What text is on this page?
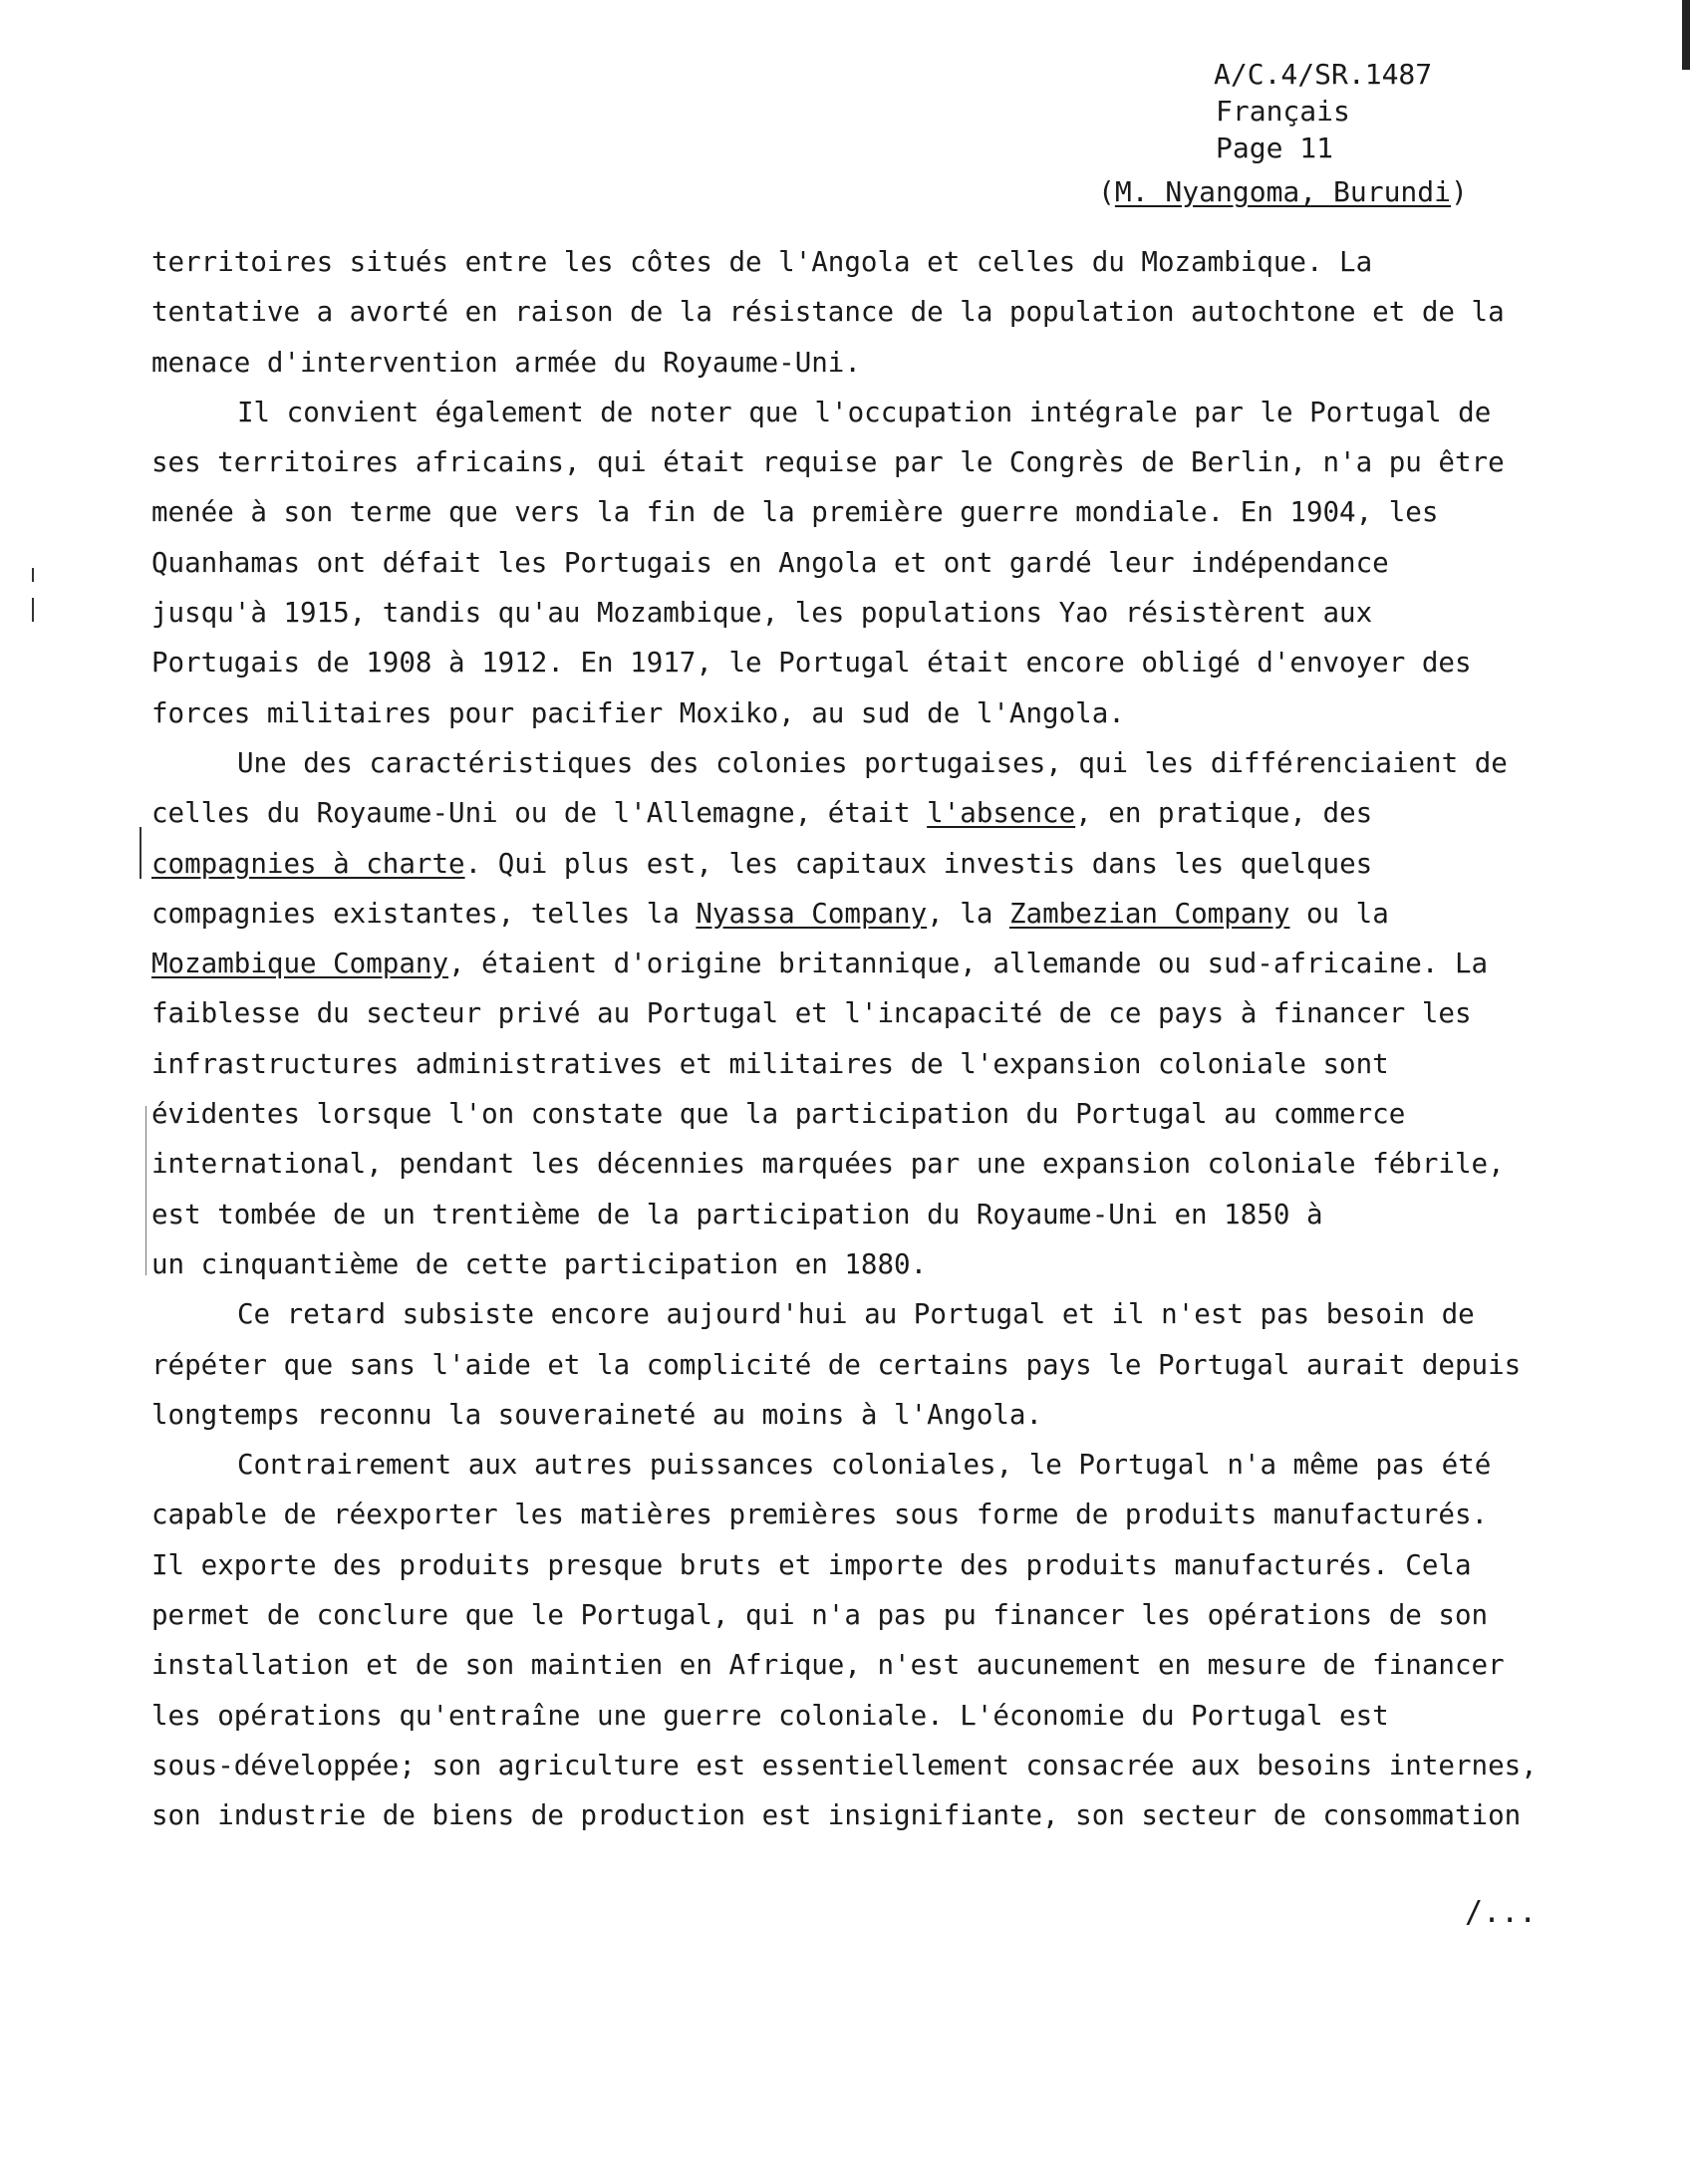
A/C.4/SR.1487
Français
Page 11
(M. Nyangoma, Burundi)
territoires situés entre les côtes de l'Angola et celles du Mozambique. La
tentative a avorté en raison de la résistance de la population autochtone et de la
menace d'intervention armée du Royaume-Uni.
Il convient également de noter que l'occupation intégrale par le Portugal de
ses territoires africains, qui était requise par le Congrès de Berlin, n'a pu être
menée à son terme que vers la fin de la première guerre mondiale. En 1904, les
Quanhamas ont défait les Portugais en Angola et ont gardé leur indépendance
jusqu'à 1915, tandis qu'au Mozambique, les populations Yao résistèrent aux
Portugais de 1908 à 1912. En 1917, le Portugal était encore obligé d'envoyer des
forces militaires pour pacifier Moxiko, au sud de l'Angola.
Une des caractéristiques des colonies portugaises, qui les différenciaient de
celles du Royaume-Uni ou de l'Allemagne, était l'absence, en pratique, des
compagnies à charte. Qui plus est, les capitaux investis dans les quelques
compagnies existantes, telles la Nyassa Company, la Zambezian Company ou la
Mozambique Company, étaient d'origine britannique, allemande ou sud-africaine. La
faiblesse du secteur privé au Portugal et l'incapacité de ce pays à financer les
infrastructures administratives et militaires de l'expansion coloniale sont
évidentes lorsque l'on constate que la participation du Portugal au commerce
international, pendant les décennies marquées par une expansion coloniale fébrile,
est tombée de un trentième de la participation du Royaume-Uni en 1850 à
un cinquantième de cette participation en 1880.
Ce retard subsiste encore aujourd'hui au Portugal et il n'est pas besoin de
répéter que sans l'aide et la complicité de certains pays le Portugal aurait depuis
longtemps reconnu la souveraineté au moins à l'Angola.
Contrairement aux autres puissances coloniales, le Portugal n'a même pas été
capable de réexporter les matières premières sous forme de produits manufacturés.
Il exporte des produits presque bruts et importe des produits manufacturés. Cela
permet de conclure que le Portugal, qui n'a pas pu financer les opérations de son
installation et de son maintien en Afrique, n'est aucunement en mesure de financer
les opérations qu'entraîne une guerre coloniale. L'économie du Portugal est
sous-développée; son agriculture est essentiellement consacrée aux besoins internes,
son industrie de biens de production est insignifiante, son secteur de consommation
/...
